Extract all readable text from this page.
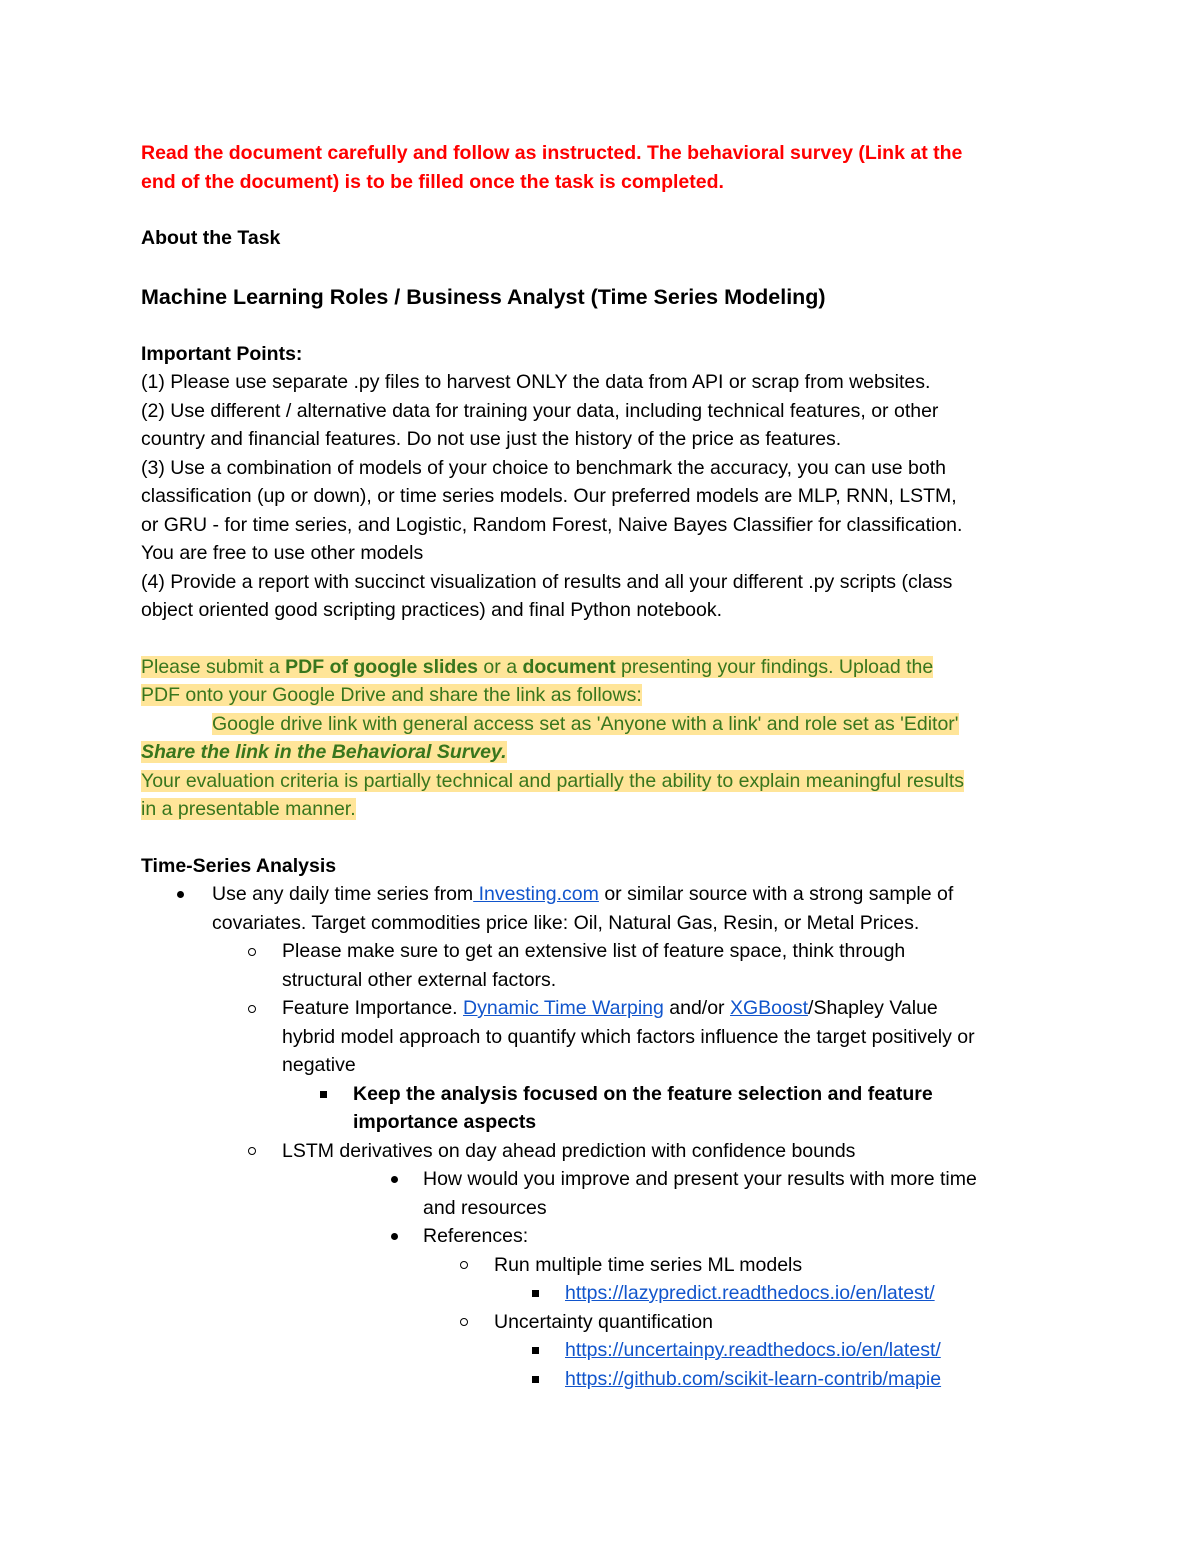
Read the document carefully and follow as instructed. The behavioral survey (Link at the
end of the document) is to be filled once the task is completed.

About the Task

Machine Learning Roles / Business Analyst (Time Series Modeling)

Important Points:

(1) Please use separate .py files to harvest ONLY the data from API or scrap from websites.

(2) Use different / alternative data for training your data, including technical features, or other

country and financial features. Do not use just the history of the price as features.

(3) Use a combination of models of your choice to benchmark the accuracy, you can use both

classification (up or down), or time series models. Our preferred models are MLP, RNN, LSTM,

or GRU - for time series, and Logistic, Random Forest, Naive Bayes Classifier for classification.

You are free to use other models

(4) Provide a report with succinct visualization of results and all your different .py scripts (class

object oriented good scripting practices) and final Python notebook.

Please submit a PDF of google slides or a document presenting your findings. Upload the

PDF onto your Google Drive and share the link as follows:

Google drive link with general access set as 'Anyone with a link' and role set as 'Editor'

Share the link in the Behavioral Survey.

Your evaluation criteria is partially technical and partially the ability to explain meaningful results

in a presentable manner.

Time-Series Analysis

Use any daily time series from Investing.com or similar source with a strong sample of
covariates. Target commodities price like: Oil, Natural Gas, Resin, or Metal Prices.
Please make sure to get an extensive list of feature space, think through
structural other external factors.
Feature Importance. Dynamic Time Warping and/or XGBoost/Shapley Value
hybrid model approach to quantify which factors influence the target positively or
negative
Keep the analysis focused on the feature selection and feature
importance aspects
LSTM derivatives on day ahead prediction with confidence bounds
How would you improve and present your results with more time
and resources
References:
Run multiple time series ML models
https://lazypredict.readthedocs.io/en/latest/
Uncertainty quantification
https://uncertainpy.readthedocs.io/en/latest/
https://github.com/scikit-learn-contrib/mapie
